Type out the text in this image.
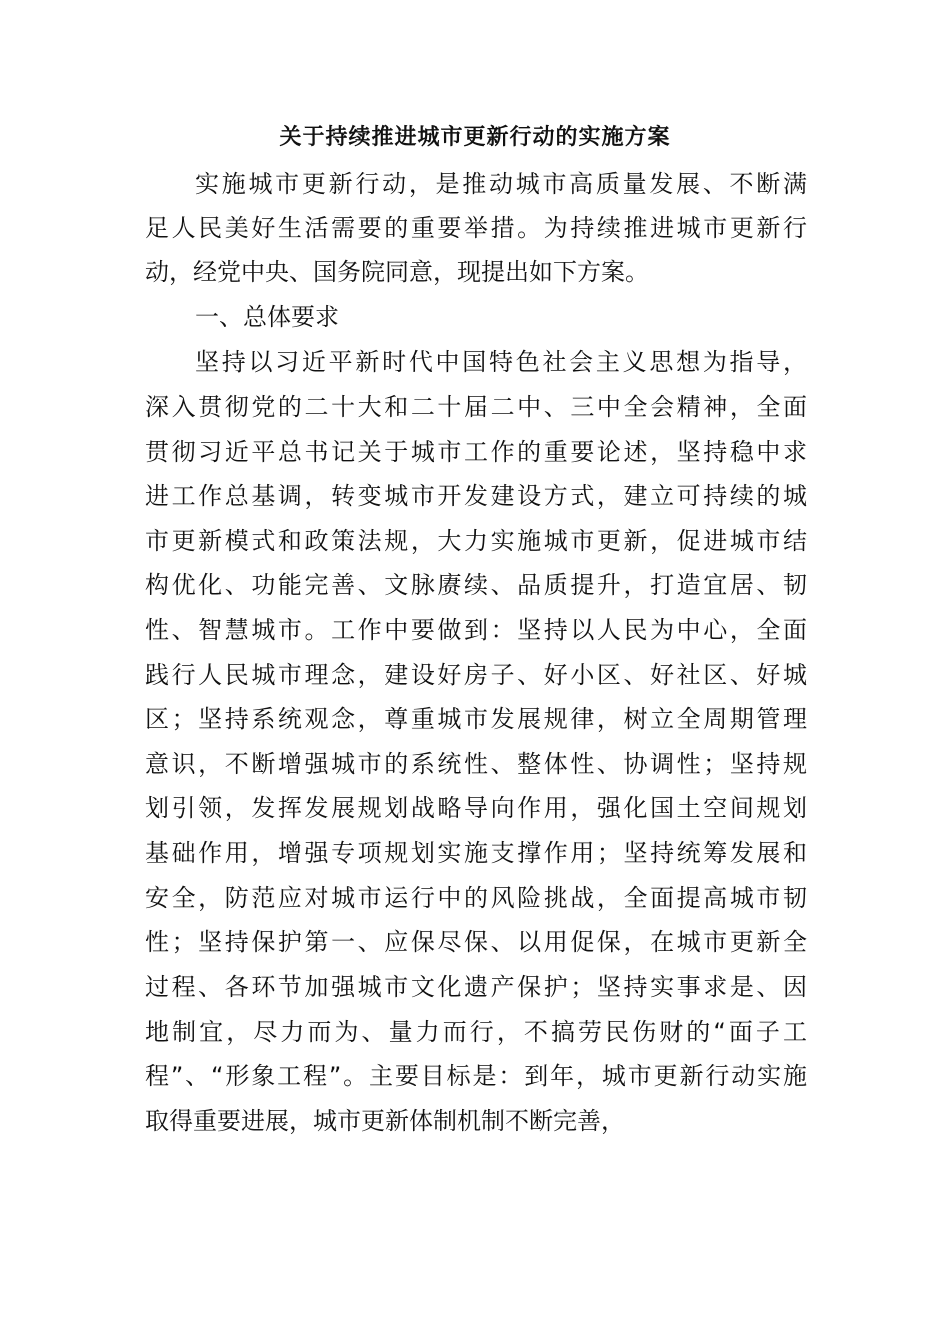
关于持续推进城市更新行动的实施方案

实施城市更新行动，是推动城市高质量发展、不断满

足人民美好生活需要的重要举措。为持续推进城市更新行

动，经党中央、国务院同意，现提出如下方案。

一、总体要求

坚持以习近平新时代中国特色社会主义思想为指导，

深入贯彻党的二十大和二十届二中、三中全会精神，全面

贯彻习近平总书记关于城市工作的重要论述，坚持稳中求

进工作总基调，转变城市开发建设方式，建立可持续的城

市更新模式和政策法规，大力实施城市更新，促进城市结

构优化、功能完善、文脉赓续、品质提升，打造宜居、韧

性、智慧城市。工作中要做到：坚持以人民为中心，全面

践行人民城市理念，建设好房子、好小区、好社区、好城

区；坚持系统观念，尊重城市发展规律，树立全周期管理

意识，不断增强城市的系统性、整体性、协调性；坚持规

划引领，发挥发展规划战略导向作用，强化国土空间规划

基础作用，增强专项规划实施支撑作用；坚持统筹发展和

安全，防范应对城市运行中的风险挑战，全面提高城市韧

性；坚持保护第一、应保尽保、以用促保，在城市更新全

过程、各环节加强城市文化遗产保护；坚持实事求是、因

地制宜，尽力而为、量力而行，不搞劳民伤财的“面子工

程”、“形象工程”。主要目标是：到年，城市更新行动实施

取得重要进展，城市更新体制机制不断完善，
